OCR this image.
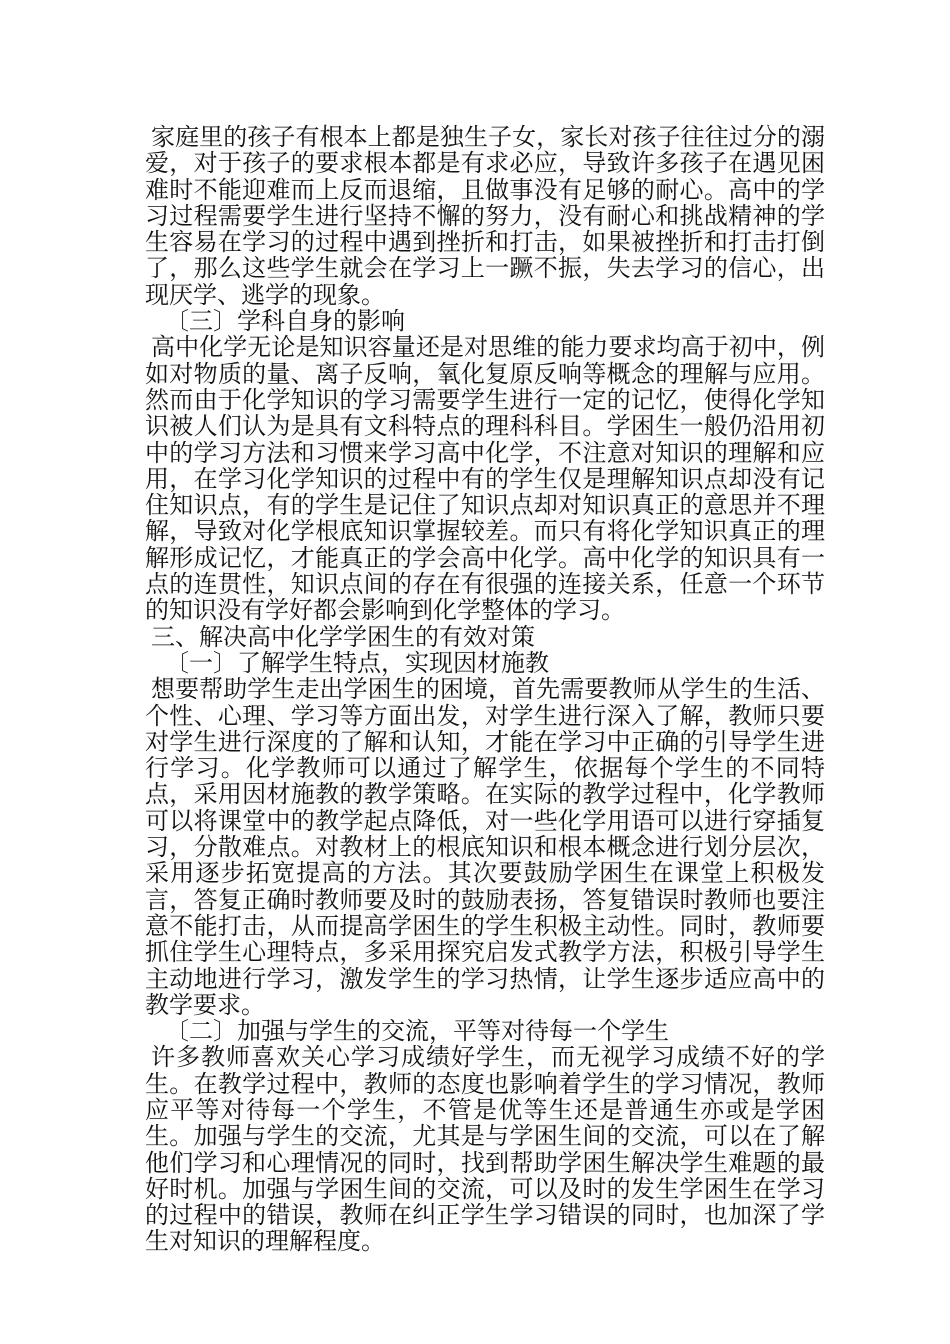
家庭里的孩子有根本上都是独生子女，家长对孩子往往过分的溺爱，对于孩子的要求根本都是有求必应，导致许多孩子在遇见困难时不能迎难而上反而退缩，且做事没有足够的耐心。高中的学习过程需要学生进行坚持不懈的努力，没有耐心和挑战精神的学生容易在学习的过程中遇到挫折和打击，如果被挫折和打击打倒了，那么这些学生就会在学习上一蹶不振，失去学习的信心，出现厌学、逃学的现象。

〔三〕学科自身的影响

高中化学无论是知识容量还是对思维的能力要求均高于初中，例如对物质的量、离子反响，氧化复原反响等概念的理解与应用。然而由于化学知识的学习需要学生进行一定的记忆，使得化学知识被人们认为是具有文科特点的理科科目。学困生一般仍沿用初中的学习方法和习惯来学习高中化学，不注意对知识的理解和应用，在学习化学知识的过程中有的学生仅是理解知识点却没有记住知识点，有的学生是记住了知识点却对知识真正的意思并不理解，导致对化学根底知识掌握较差。而只有将化学知识真正的理解形成记忆，才能真正的学会高中化学。高中化学的知识具有一点的连贯性，知识点间的存在有很强的连接关系，任意一个环节的知识没有学好都会影响到化学整体的学习。

三、解决高中化学学困生的有效对策

〔一〕了解学生特点，实现因材施教

想要帮助学生走出学困生的困境，首先需要教师从学生的生活、个性、心理、学习等方面出发，对学生进行深入了解，教师只要对学生进行深度的了解和认知，才能在学习中正确的引导学生进行学习。化学教师可以通过了解学生，依据每个学生的不同特点，采用因材施教的教学策略。在实际的教学过程中，化学教师可以将课堂中的教学起点降低，对一些化学用语可以进行穿插复习，分散难点。对教材上的根底知识和根本概念进行划分层次，采用逐步拓宽提高的方法。其次要鼓励学困生在课堂上积极发言，答复正确时教师要及时的鼓励表扬，答复错误时教师也要注意不能打击，从而提高学困生的学生积极主动性。同时，教师要抓住学生心理特点，多采用探究启发式教学方法，积极引导学生主动地进行学习，激发学生的学习热情，让学生逐步适应高中的教学要求。

〔二〕加强与学生的交流，平等对待每一个学生

许多教师喜欢关心学习成绩好学生，而无视学习成绩不好的学生。在教学过程中，教师的态度也影响着学生的学习情况，教师应平等对待每一个学生，不管是优等生还是普通生亦或是学困生。加强与学生的交流，尤其是与学困生间的交流，可以在了解他们学习和心理情况的同时，找到帮助学困生解决学生难题的最好时机。加强与学困生间的交流，可以及时的发生学困生在学习的过程中的错误，教师在纠正学生学习错误的同时，也加深了学生对知识的理解程度。
